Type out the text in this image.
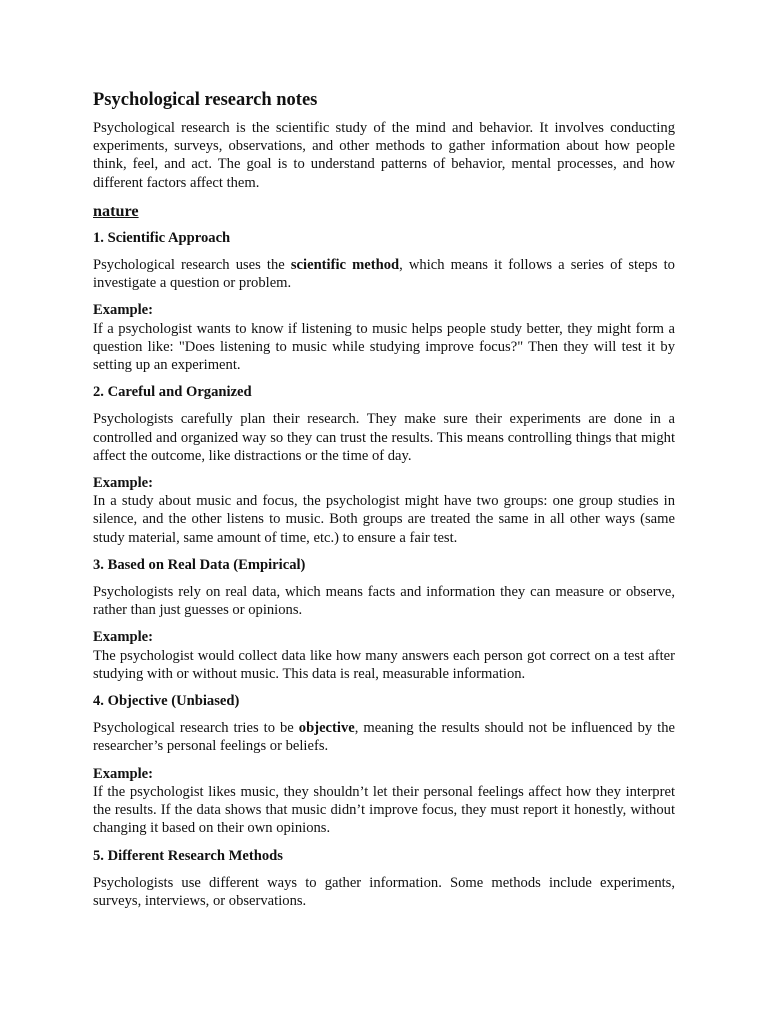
Psychological research notes

Psychological research is the scientific study of the mind and behavior. It involves conducting experiments, surveys, observations, and other methods to gather information about how people think, feel, and act. The goal is to understand patterns of behavior, mental processes, and how different factors affect them.

nature
1. Scientific Approach

Psychological research uses the scientific method, which means it follows a series of steps to investigate a question or problem.

Example:

If a psychologist wants to know if listening to music helps people study better, they might form a question like: "Does listening to music while studying improve focus?" Then they will test it by setting up an experiment.

2. Careful and Organized

Psychologists carefully plan their research. They make sure their experiments are done in a controlled and organized way so they can trust the results. This means controlling things that might affect the outcome, like distractions or the time of day.

Example:

In a study about music and focus, the psychologist might have two groups: one group studies in silence, and the other listens to music. Both groups are treated the same in all other ways (same study material, same amount of time, etc.) to ensure a fair test.

3. Based on Real Data (Empirical)

Psychologists rely on real data, which means facts and information they can measure or observe, rather than just guesses or opinions.

Example:

The psychologist would collect data like how many answers each person got correct on a test after studying with or without music. This data is real, measurable information.

4. Objective (Unbiased)

Psychological research tries to be objective, meaning the results should not be influenced by the researcher’s personal feelings or beliefs.

Example:

If the psychologist likes music, they shouldn’t let their personal feelings affect how they interpret the results. If the data shows that music didn’t improve focus, they must report it honestly, without changing it based on their own opinions.

5. Different Research Methods

Psychologists use different ways to gather information. Some methods include experiments, surveys, interviews, or observations.
